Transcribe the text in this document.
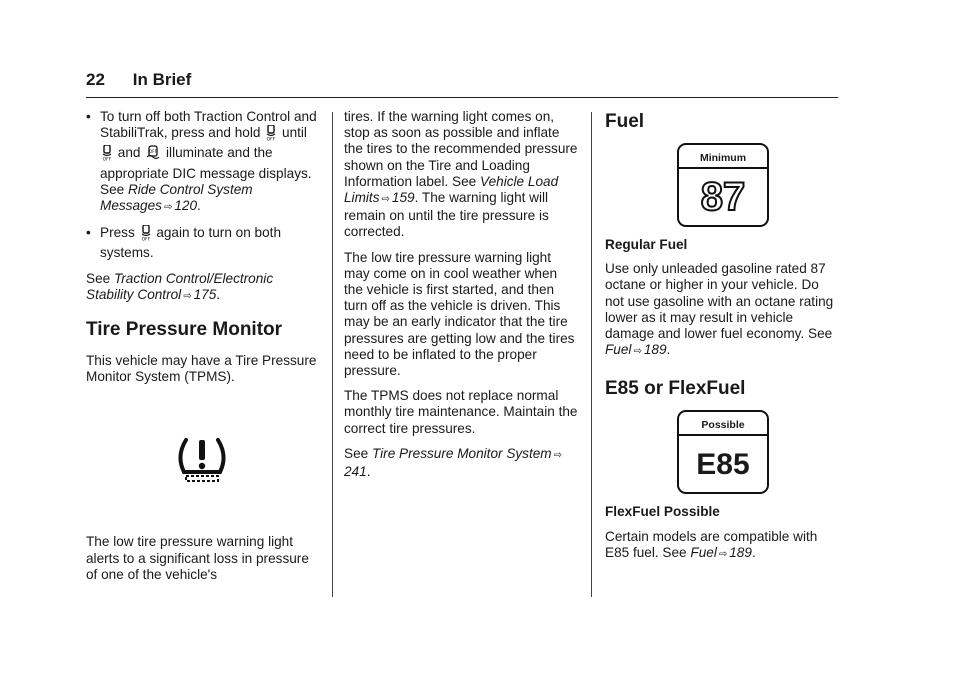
22 In Brief
• To turn off both Traction Control and StabiliTrak, press and hold OFF until
OFF and OFF illuminate and the appropriate DIC message displays. See Ride Control System Messages ⇨ 120.
• Press OFF again to turn on both systems.

See Traction Control/Electronic Stability Control ⇨ 175.

Tire Pressure Monitor

This vehicle may have a Tire Pressure Monitor System (TPMS).

The low tire pressure warning light alerts to a significant loss in pressure of one of the vehicle's

tires. If the warning light comes on, stop as soon as possible and inflate the tires to the recommended pressure shown on the Tire and Loading Information label. See Vehicle Load Limits ⇨ 159. The warning light will remain on until the tire pressure is corrected.

The low tire pressure warning light may come on in cool weather when the vehicle is first started, and then turn off as the vehicle is driven. This may be an early indicator that the tire pressures are getting low and the tires need to be inflated to the proper pressure.

The TPMS does not replace normal monthly tire maintenance. Maintain the correct tire pressures.

See Tire Pressure Monitor System ⇨241.

Fuel
Minimum
87

Regular Fuel

Use only unleaded gasoline rated 87 octane or higher in your vehicle. Do not use gasoline with an octane rating lower as it may result in vehicle damage and lower fuel economy. See Fuel ⇨ 189.

E85 or FlexFuel
Possible
E85

FlexFuel Possible

Certain models are compatible with E85 fuel. See Fuel ⇨ 189.
